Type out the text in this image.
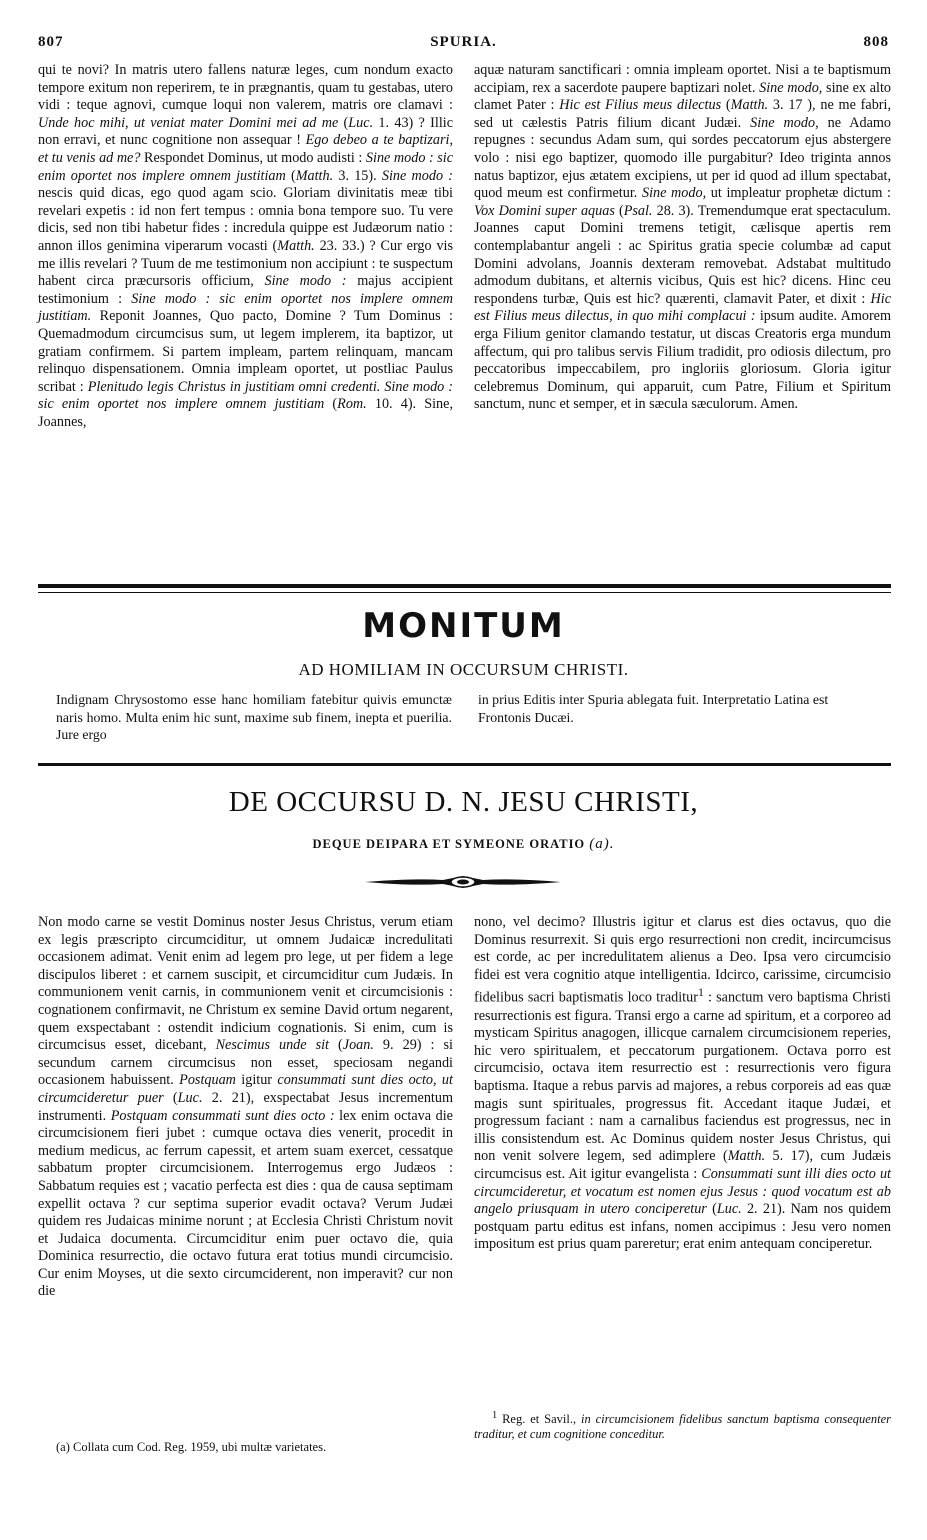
807	SPURIA.	808
qui te novi? In matris utero fallens naturæ leges, cum nondum exacto tempore exitum non reperirem, te in prægnantis, quam tu gestabas, utero vidi : teque agnovi, cumque loqui non valerem, matris ore clamavi : Unde hoc mihi, ut veniat mater Domini mei ad me (Luc. 1. 43) ? Illic non erravi, et nunc cognitione non assequar ! Ego debeo a te baptizari, et tu venis ad me? Respondet Dominus, ut modo audisti : Sine modo : sic enim oportet nos implere omnem justitiam (Matth. 3. 15). Sine modo : nescis quid dicas, ego quod agam scio. Gloriam divinitatis meæ tibi revelari expetis : id non fert tempus : omnia bona tempore suo. Tu vere dicis, sed non tibi habetur fides : incredula quippe est Judæorum natio : annon illos genimina viperarum vocasti (Matth. 23. 33.) ? Cur ergo vis me illis revelari ? Tuum de me testimonium non accipiunt : te suspectum habent circa præcursoris officium, Sine modo : majus accipient testimonium : Sine modo : sic enim oportet nos implere omnem justitiam. Reponit Joannes, Quo pacto, Domine ? Tum Dominus : Quemadmodum circumcisus sum, ut legem implerem, ita baptizor, ut gratiam confirmem. Si partem impleam, partem relinquam, mancam relinquo dispensationem. Omnia impleam oportet, ut postliac Paulus scribat : Plenitudo legis Christus in justitiam omni credenti. Sine modo : sic enim oportet nos implere omnem justitiam (Rom. 10. 4). Sine, Joannes,
aquæ naturam sanctificari : omnia impleam oportet. Nisi a te baptismum accipiam, rex a sacerdote paupere baptizari nolet. Sine modo, sine ex alto clamet Pater : Hic est Filius meus dilectus (Matth. 3. 17 ), ne me fabri, sed ut cælestis Patris filium dicant Judæi. Sine modo, ne Adamo repugnes : secundus Adam sum, qui sordes peccatorum ejus abstergere volo : nisi ego baptizer, quomodo ille purgabitur? Ideo triginta annos natus baptizor, ejus ætatem excipiens, ut per id quod ad illum spectabat, quod meum est confirmetur. Sine modo, ut impleatur prophetæ dictum : Vox Domini super aquas (Psal. 28. 3). Tremendumque erat spectaculum. Joannes caput Domini tremens tetigit, cælisque apertis rem contemplabantur angeli : ac Spiritus gratia specie columbæ ad caput Domini advolans, Joannis dexteram removebat. Adstabat multitudo admodum dubitans, et alternis vicibus, Quis est hic? dicens. Hinc ceu respondens turbæ, Quis est hic? quærenti, clamavit Pater, et dixit : Hic est Filius meus dilectus, in quo mihi complacui : ipsum audite. Amorem erga Filium genitor clamando testatur, ut discas Creatoris erga mundum affectum, qui pro talibus servis Filium tradidit, pro odiosis dilectum, pro peccatoribus impeccabilem, pro ingloriis gloriosum. Gloria igitur celebremus Dominum, qui apparuit, cum Patre, Filium et Spiritum sanctum, nunc et semper, et in sæcula sæculorum. Amen.
MONITUM
AD HOMILIAM IN OCCURSUM CHRISTI.
Indignam Chrysostomo esse hanc homiliam fatebitur quivis emunctæ naris homo. Multa enim hic sunt, maxime sub finem, inepta et puerilia. Jure ergo
in prius Editis inter Spuria ablegata fuit. Interpretatio Latina est Frontonis Ducæi.
DE OCCURSU D. N. JESU CHRISTI,
DEQUE DEIPARA ET SYMEONE ORATIO (a).
Non modo carne se vestit Dominus noster Jesus Christus, verum etiam ex legis præscripto circumciditur, ut omnem Judaicæ incredulitati occasionem adimat. Venit enim ad legem pro lege, ut per fidem a lege discipulos liberet : et carnem suscipit, et circumciditur cum Judæis. In communionem venit carnis, in communionem venit et circumcisionis : cognationem confirmavit, ne Christum ex semine David ortum negarent, quem exspectabant : ostendit indicium cognationis. Si enim, cum is circumcisus esset, dicebant, Nescimus unde sit (Joan. 9. 29) : si secundum carnem circumcisus non esset, speciosam negandi occasionem habuissent. Postquam igitur consummati sunt dies octo, ut circumcideretur puer (Luc. 2. 21), exspectabat Jesus incrementum instrumenti. Postquam consummati sunt dies octo : lex enim octava die circumcisionem fieri jubet : cumque octava dies venerit, procedit in medium medicus, ac ferrum capessit, et artem suam exercet, cessatque sabbatum propter circumcisionem. Interrogemus ergo Judæos : Sabbatum requies est ; vacatio perfecta est dies : qua de causa septimam expellit octava ? cur septima superior evadit octava? Verum Judæi quidem res Judaicas minime norunt ; at Ecclesia Christi Christum novit et Judaica documenta. Circumciditur enim puer octavo die, quia Dominica resurrectio, die octavo futura erat totius mundi circumcisio. Cur enim Moyses, ut die sexto circumciderent, non imperavit? cur non die
nono, vel decimo? Illustris igitur et clarus est dies octavus, quo die Dominus resurrexit. Si quis ergo resurrectioni non credit, incircumcisus est corde, ac per incredulitatem alienus a Deo. Ipsa vero circumcisio fidei est vera cognitio atque intelligentia. Idcirco, carissime, circumcisio fidelibus sacri baptismatis loco traditur$^1$ : sanctum vero baptisma Christi resurrectionis est figura. Transi ergo a carne ad spiritum, et a corporeo ad mysticam Spiritus anagogen, illicque carnalem circumcisionem reperies, hic vero spiritualem, et peccatorum purgationem. Octava porro est circumcisio, octava item resurrectio est : resurrectionis vero figura baptisma. Itaque a rebus parvis ad majores, a rebus corporeis ad eas quæ magis sunt spirituales, progressus fit. Accedant itaque Judæi, et progressum faciant : nam a carnalibus faciendus est progressus, nec in illis consistendum est. Ac Dominus quidem noster Jesus Christus, qui non venit solvere legem, sed adimplere (Matth. 5. 17), cum Judæis circumcisus est. Ait igitur evangelista : Consummati sunt illi dies octo ut circumcideretur, et vocatum est nomen ejus Jesus : quod vocatum est ab angelo priusquam in utero conciperetur (Luc. 2. 21). Nam nos quidem postquam partu editus est infans, nomen accipimus : Jesu vero nomen impositum est prius quam pareretur; erat enim antequam conciperetur.
(a) Collata cum Cod. Reg. 1959, ubi multæ varietates.
$^1$ Reg. et Savil., in circumcisionem fidelibus sanctum baptisma consequenter traditur, et cum cognitione conceditur.
